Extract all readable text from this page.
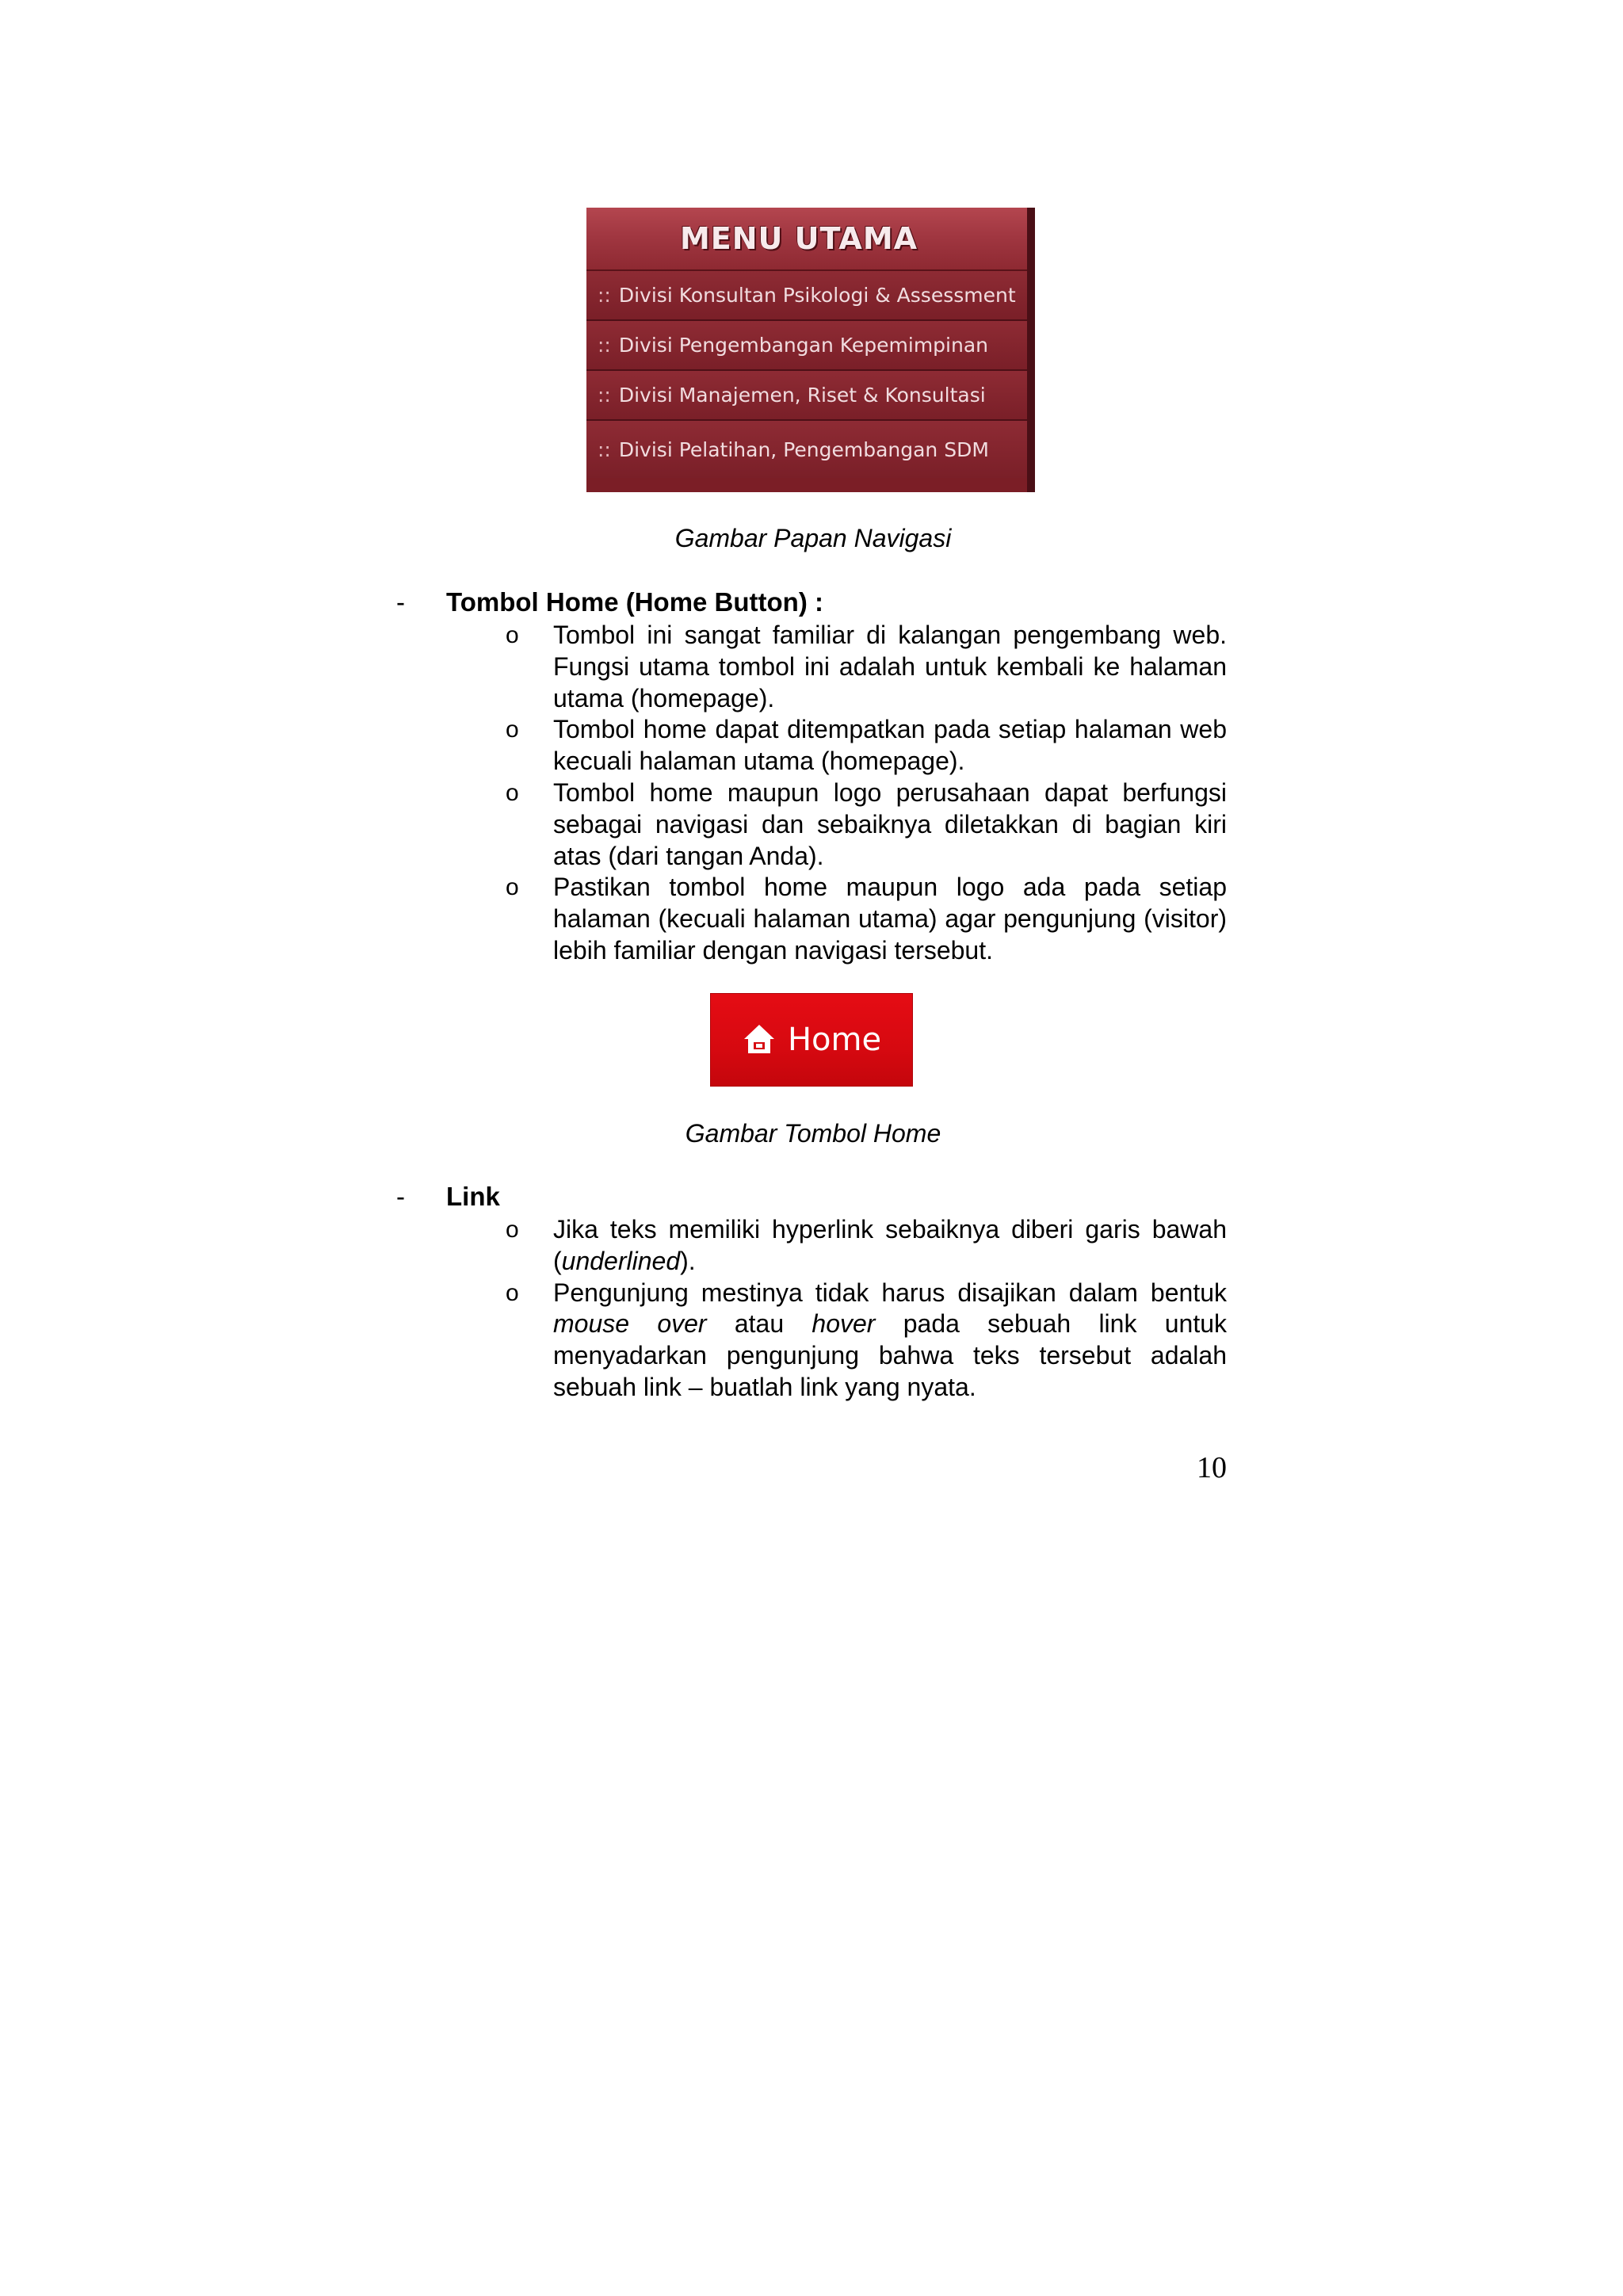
MENU UTAMA
:: Divisi Konsultan Psikologi & Assessment
:: Divisi Pengembangan Kepemimpinan
:: Divisi Manajemen, Riset & Konsultasi
:: Divisi Pelatihan, Pengembangan SDM

Gambar Papan Navigasi

-	Tombol Home (Home Button) :
o	Tombol ini sangat familiar di kalangan pengembang web. Fungsi utama tombol ini adalah untuk kembali ke halaman utama (homepage).
o	Tombol home dapat ditempatkan pada setiap halaman web kecuali halaman utama (homepage).
o	Tombol home maupun logo perusahaan dapat berfungsi sebagai navigasi dan sebaiknya diletakkan di bagian kiri atas (dari tangan Anda).
o	Pastikan tombol home maupun logo ada pada setiap halaman (kecuali halaman utama) agar pengunjung (visitor) lebih familiar dengan navigasi tersebut.
Home

Gambar Tombol Home

-	Link
o	Jika teks memiliki hyperlink sebaiknya diberi garis bawah (underlined).
o	Pengunjung mestinya tidak harus disajikan dalam bentuk mouse over atau hover pada sebuah link untuk menyadarkan pengunjung bahwa teks tersebut adalah sebuah link – buatlah link yang nyata.
10
